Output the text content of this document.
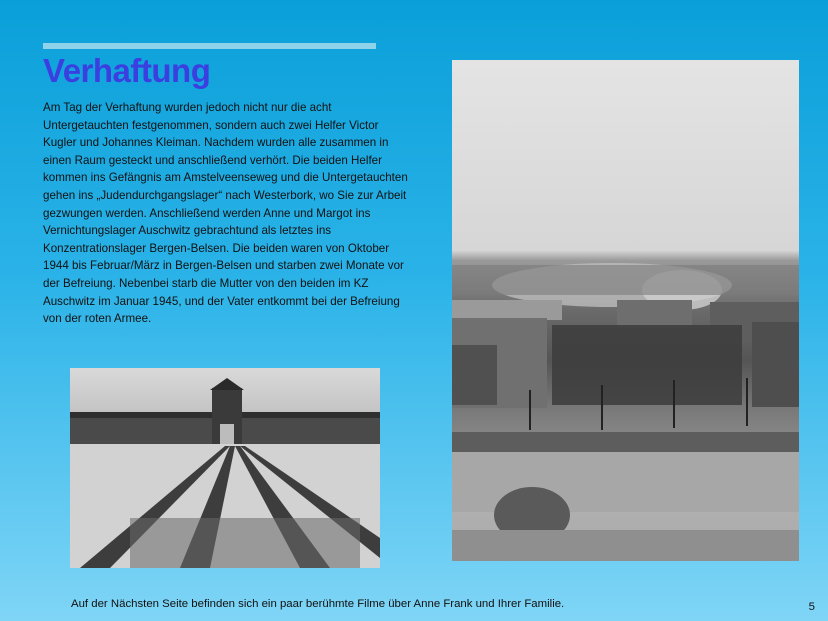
Verhaftung

Am Tag der Verhaftung wurden jedoch nicht nur die acht Untergetauchten festgenommen, sondern auch zwei Helfer Victor Kugler und Johannes Kleiman. Nachdem wurden alle zusammen in einen Raum gesteckt und anschließend verhört. Die beiden Helfer kommen ins Gefängnis am Amstelveenseweg und die Untergetauchten gehen ins „Judendurchgangslager“ nach Westerbork, wo Sie zur Arbeit gezwungen werden. Anschließend werden Anne und Margot ins Vernichtungslager Auschwitz gebrachtund als letztes ins Konzentrationslager Bergen-Belsen. Die beiden waren von Oktober 1944 bis Februar/März in Bergen-Belsen und starben zwei Monate vor der Befreiung. Nebenbei starb die Mutter von den beiden im KZ Auschwitz im Januar 1945, und der Vater entkommt bei der Befreiung von der roten Armee.

Auf der Nächsten Seite befinden sich ein paar berühmte Filme über Anne Frank und Ihrer Familie.	5
